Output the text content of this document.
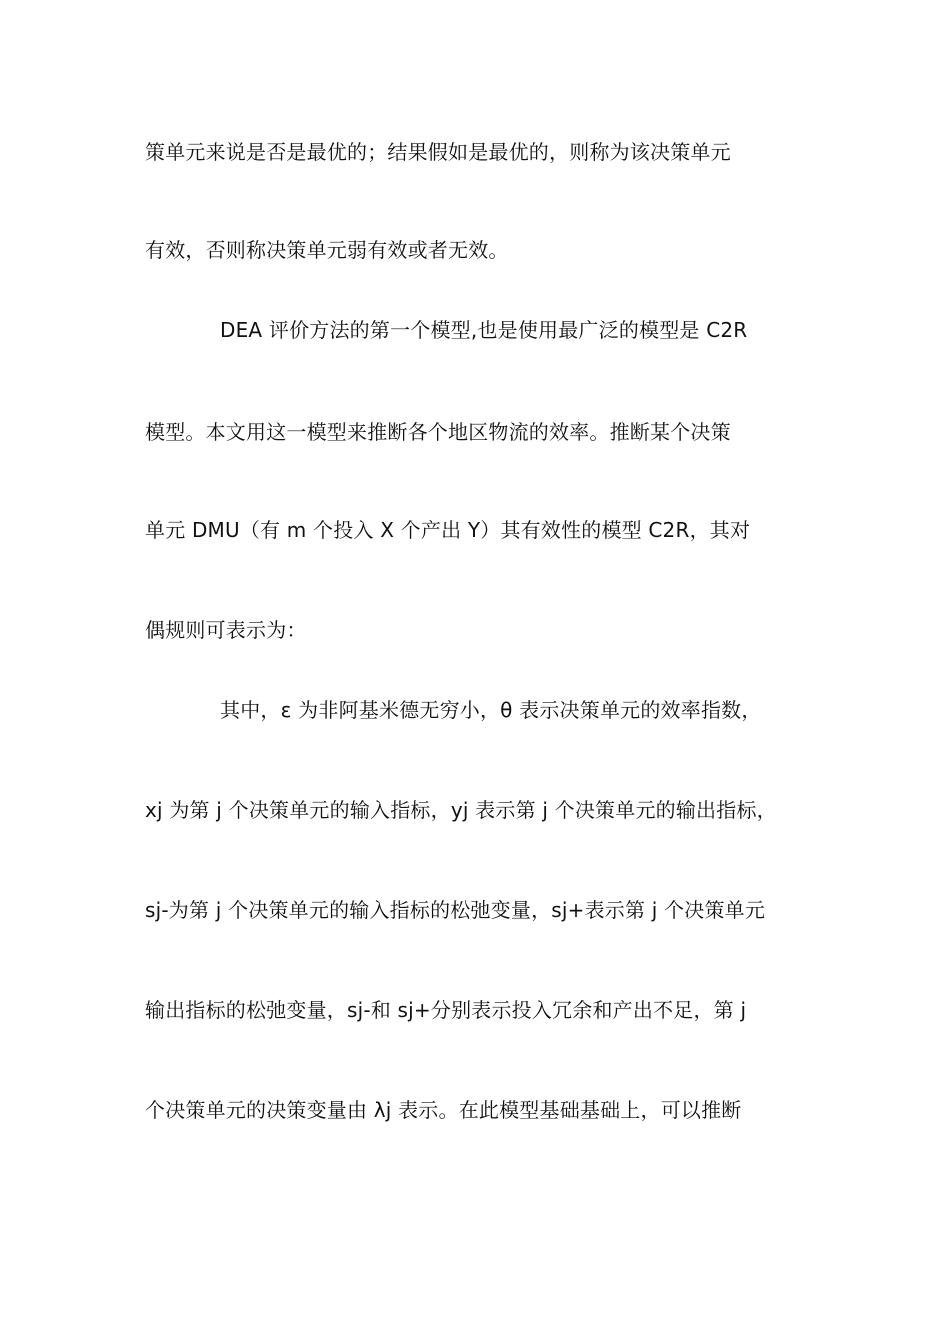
策单元来说是否是最优的；结果假如是最优的，则称为该决策单元
有效，否则称决策单元弱有效或者无效。
DEA 评价方法的第一个模型,也是使用最广泛的模型是 C2R
模型。本文用这一模型来推断各个地区物流的效率。推断某个决策
单元 DMU（有 m 个投入 X 个产出 Y）其有效性的模型 C2R，其对
偶规则可表示为：
其中，ε 为非阿基米德无穷小，θ 表示决策单元的效率指数，
xj 为第 j 个决策单元的输入指标，yj 表示第 j 个决策单元的输出指标，
sj-为第 j 个决策单元的输入指标的松弛变量，sj+表示第 j 个决策单元
输出指标的松弛变量，sj-和 sj+分别表示投入冗余和产出不足，第 j
个决策单元的决策变量由 λj 表示。在此模型基础基础上，可以推断
